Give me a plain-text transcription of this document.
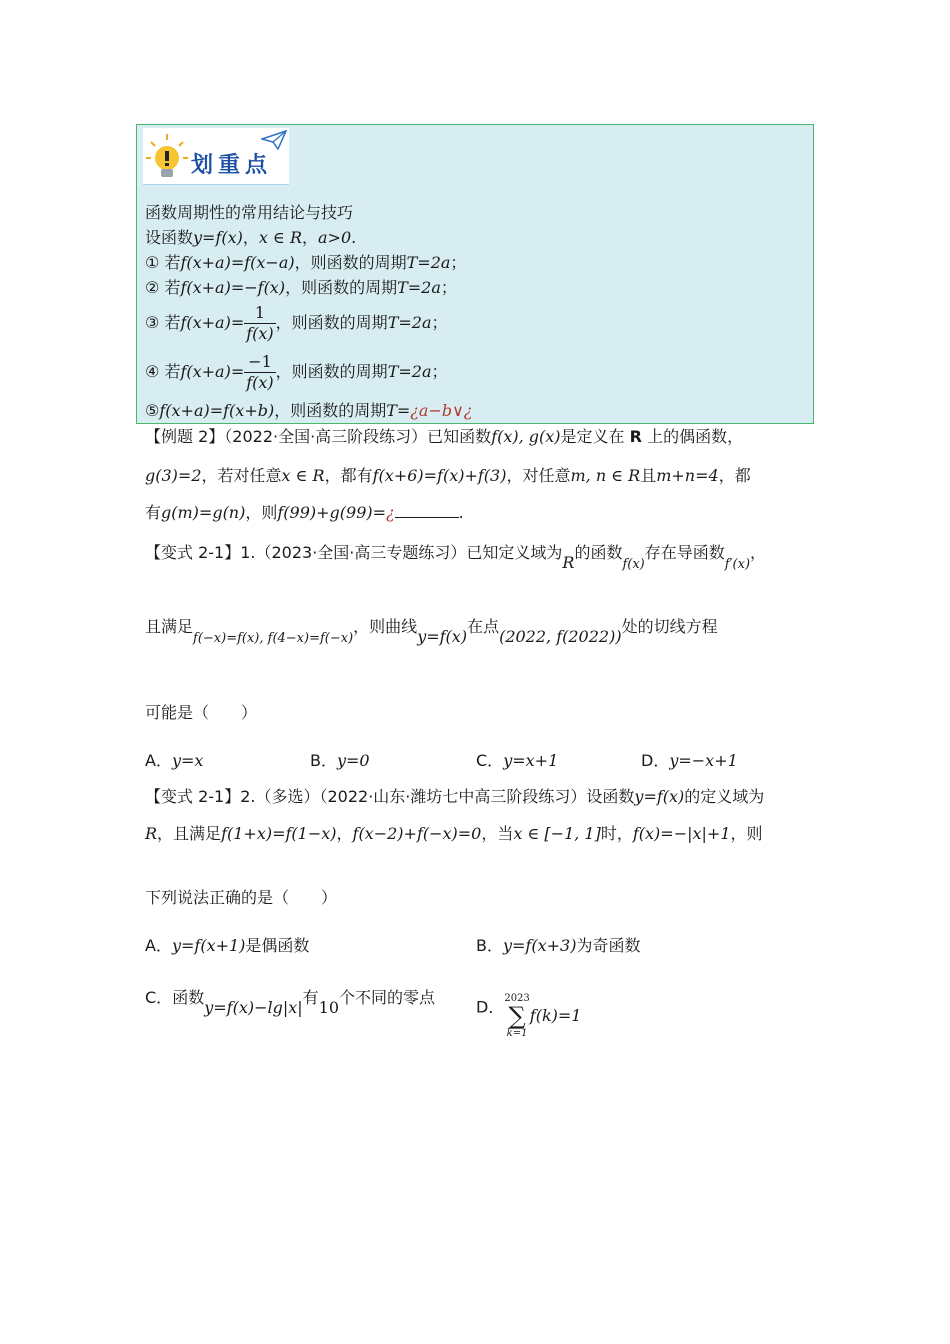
划重点
函数周期性的常用结论与技巧
设函数y=f(x)，x ∈ R，a>0.
① 若f(x+a)=f(x−a)，则函数的周期T=2a；
② 若f(x+a)=−f(x)，则函数的周期T=2a；
③ 若$f(x+a)= \frac{1}{f(x)}$ ，则函数的周期T=2a；
④ 若$f(x+a)= \frac{-1}{f(x)}$ ，则函数的周期T=2a；
⑤f(x+a)=f(x+b)，则函数的周期T=¿a−b∨¿
【例题 2】（2022·全国·高三阶段练习）已知函数f(x), g(x)是定义在 R 上的偶函数，
g(3)=2，若对任意x ∈ R，都有f(x+6)=f(x)+f(3)，对任意m, n ∈ R且m+n=4，都
有g(m)=g(n)，则f(99)+g(99)=¿	.
【变式 2-1】1.（2023·全国·高三专题练习）已知定义域为R的函数$_{f(x)}$存在导函数$_{f'(x)}$，
且满足$_{f(-x)=f(x), f(4-x)=f(-x)}$，则曲线y=f(x)在点(2022, f(2022))处的切线方程
可能是（　　）
A．y=x	B．y=0	C．y=x+1	D．y=−x+1
【变式 2-1】2.（多选）（2022·山东·潍坊七中高三阶段练习）设函数y=f(x)的定义域为
R，且满足f(1+x)=f(1−x)，f(x−2)+f(−x)=0，当x ∈ [−1, 1]时，f(x)=−|x|+1，则
下列说法正确的是（　　）
A．y=f(x+1)是偶函数	B．y=f(x+3)为奇函数
C．函数y=f(x)−lg|x|有10个不同的零点	D． 2023
∑
k=1
f(k)=1
